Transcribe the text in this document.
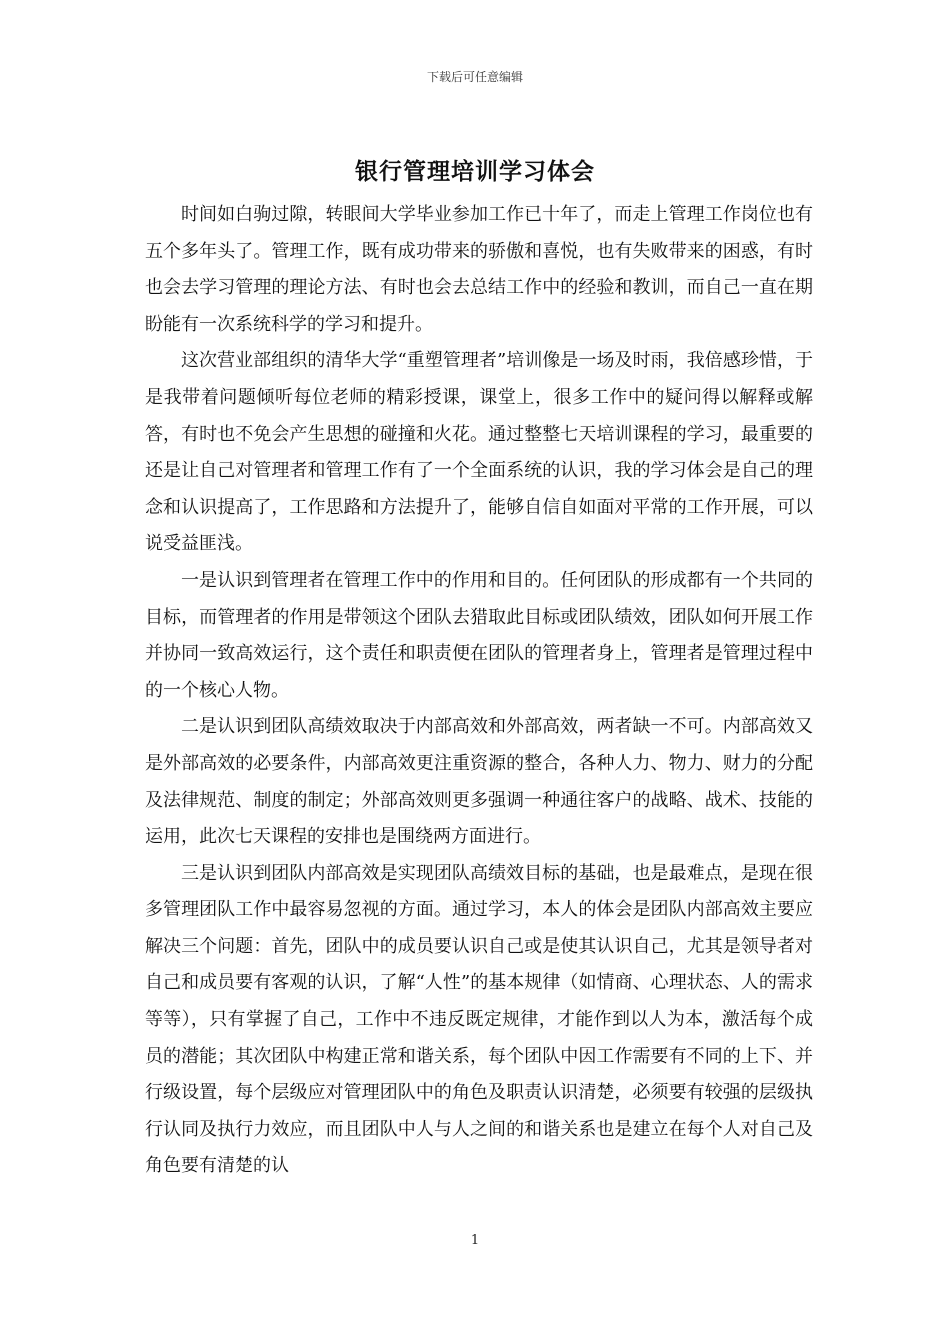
下载后可任意编辑
银行管理培训学习体会

时间如白驹过隙，转眼间大学毕业参加工作已十年了，而走上管理工作岗位也有五个多年头了。管理工作，既有成功带来的骄傲和喜悦，也有失败带来的困惑，有时也会去学习管理的理论方法、有时也会去总结工作中的经验和教训，而自己一直在期盼能有一次系统科学的学习和提升。

这次营业部组织的清华大学“重塑管理者”培训像是一场及时雨，我倍感珍惜，于是我带着问题倾听每位老师的精彩授课，课堂上，很多工作中的疑问得以解释或解答，有时也不免会产生思想的碰撞和火花。通过整整七天培训课程的学习，最重要的还是让自己对管理者和管理工作有了一个全面系统的认识，我的学习体会是自己的理念和认识提高了，工作思路和方法提升了，能够自信自如面对平常的工作开展，可以说受益匪浅。

一是认识到管理者在管理工作中的作用和目的。任何团队的形成都有一个共同的目标，而管理者的作用是带领这个团队去猎取此目标或团队绩效，团队如何开展工作并协同一致高效运行，这个责任和职责便在团队的管理者身上，管理者是管理过程中的一个核心人物。

二是认识到团队高绩效取决于内部高效和外部高效，两者缺一不可。内部高效又是外部高效的必要条件，内部高效更注重资源的整合，各种人力、物力、财力的分配及法律规范、制度的制定；外部高效则更多强调一种通往客户的战略、战术、技能的运用，此次七天课程的安排也是围绕两方面进行。

三是认识到团队内部高效是实现团队高绩效目标的基础，也是最难点，是现在很多管理团队工作中最容易忽视的方面。通过学习，本人的体会是团队内部高效主要应解决三个问题：首先，团队中的成员要认识自己或是使其认识自己，尤其是领导者对自己和成员要有客观的认识，了解“人性”的基本规律（如情商、心理状态、人的需求等等），只有掌握了自己，工作中不违反既定规律，才能作到以人为本，激活每个成员的潜能；其次团队中构建正常和谐关系，每个团队中因工作需要有不同的上下、并行级设置，每个层级应对管理团队中的角色及职责认识清楚，必须要有较强的层级执行认同及执行力效应，而且团队中人与人之间的和谐关系也是建立在每个人对自己及角色要有清楚的认

1
